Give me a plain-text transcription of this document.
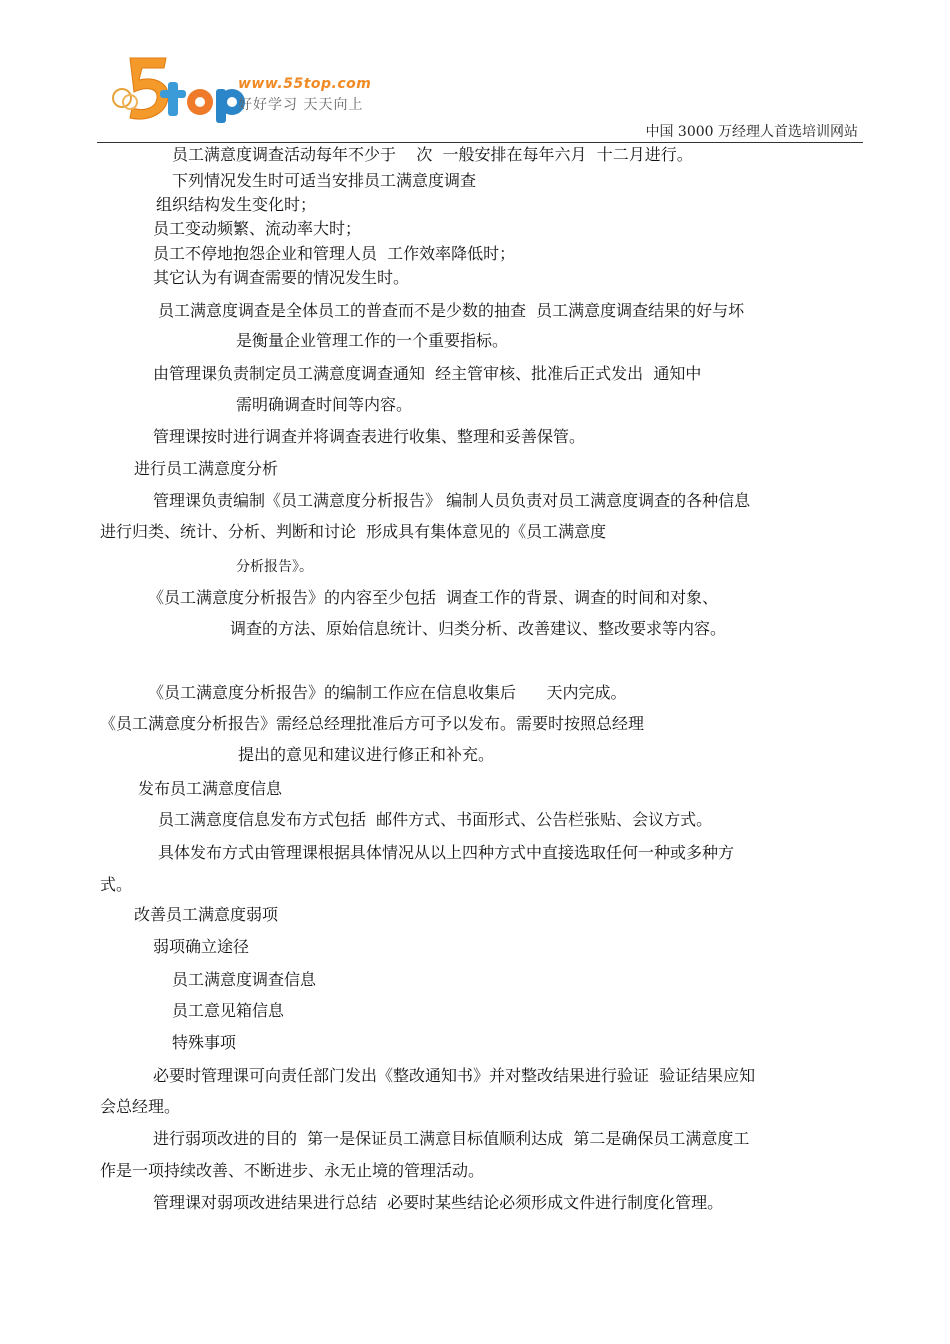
www.55top.com
好好学习 天天向上
中国 3000 万经理人首选培训网站
员工满意度调查活动每年不少于    次  一般安排在每年六月  十二月进行。
下列情况发生时可适当安排员工满意度调查
组织结构发生变化时；
员工变动频繁、流动率大时；
员工不停地抱怨企业和管理人员  工作效率降低时；
其它认为有调查需要的情况发生时。
员工满意度调查是全体员工的普查而不是少数的抽查  员工满意度调查结果的好与坏
是衡量企业管理工作的一个重要指标。
由管理课负责制定员工满意度调查通知  经主管审核、批准后正式发出  通知中
需明确调查时间等内容。
管理课按时进行调查并将调查表进行收集、整理和妥善保管。
进行员工满意度分析
管理课负责编制《员工满意度分析报告》 编制人员负责对员工满意度调查的各种信息
进行归类、统计、分析、判断和讨论  形成具有集体意见的《员工满意度
分析报告》。
《员工满意度分析报告》的内容至少包括  调查工作的背景、调查的时间和对象、
调查的方法、原始信息统计、归类分析、改善建议、整改要求等内容。
《员工满意度分析报告》的编制工作应在信息收集后      天内完成。
《员工满意度分析报告》需经总经理批准后方可予以发布。需要时按照总经理
提出的意见和建议进行修正和补充。
发布员工满意度信息
员工满意度信息发布方式包括  邮件方式、书面形式、公告栏张贴、会议方式。
具体发布方式由管理课根据具体情况从以上四种方式中直接选取任何一种或多种方
式。
改善员工满意度弱项
弱项确立途径
员工满意度调查信息
员工意见箱信息
特殊事项
必要时管理课可向责任部门发出《整改通知书》并对整改结果进行验证  验证结果应知
会总经理。
进行弱项改进的目的  第一是保证员工满意目标值顺利达成  第二是确保员工满意度工
作是一项持续改善、不断进步、永无止境的管理活动。
管理课对弱项改进结果进行总结  必要时某些结论必须形成文件进行制度化管理。
